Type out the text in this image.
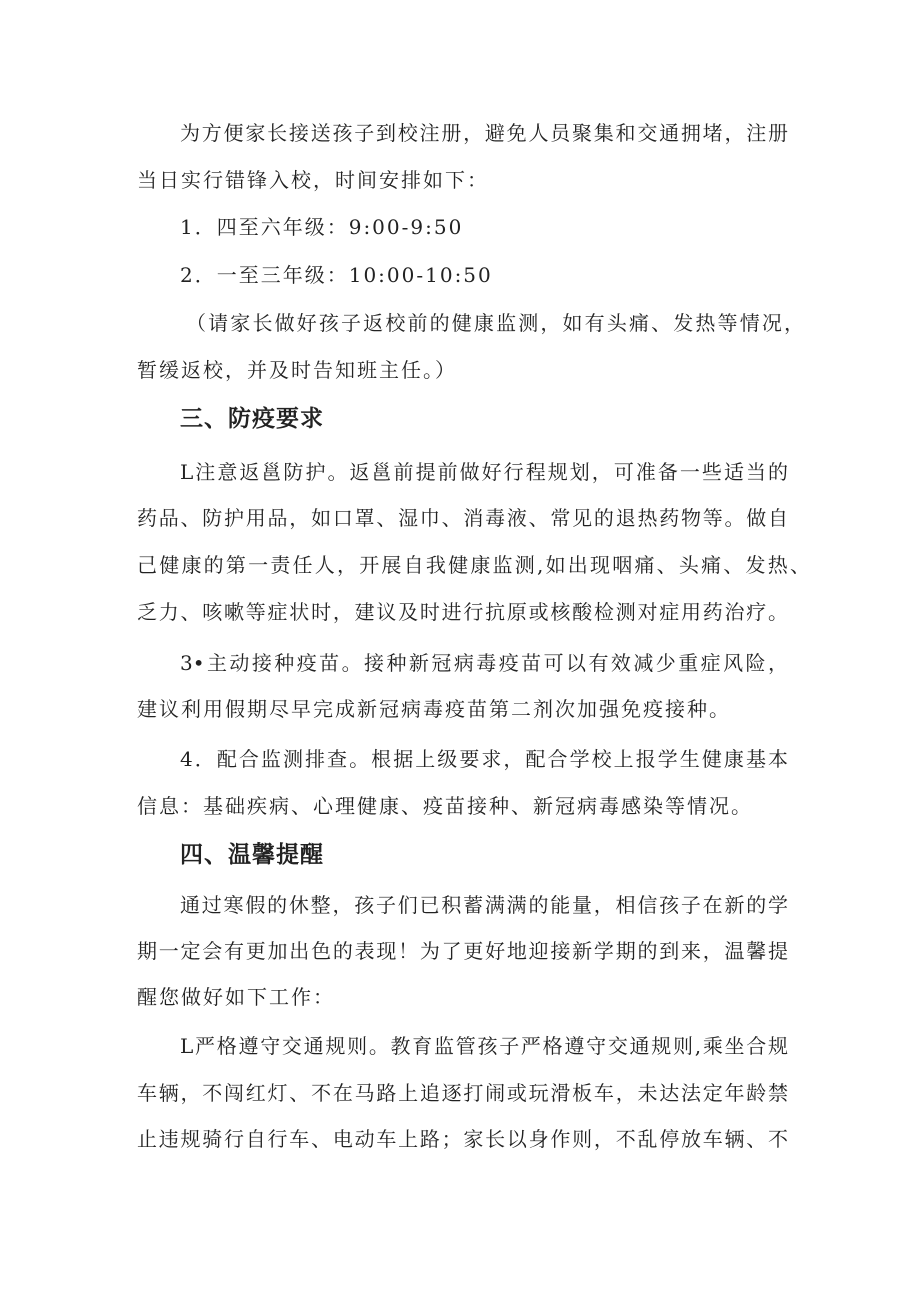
为方便家长接送孩子到校注册，避免人员聚集和交通拥堵，注册
当日实行错锋入校，时间安排如下：
1．四至六年级：9:00-9:50
2．一至三年级：10:00-10:50
（请家长做好孩子返校前的健康监测，如有头痛、发热等情况，
暂缓返校，并及时告知班主任。）
三、防疫要求
L注意返邕防护。返邕前提前做好行程规划，可准备一些适当的
药品、防护用品，如口罩、湿巾、消毒液、常见的退热药物等。做自
己健康的第一责任人，开展自我健康监测,如出现咽痛、头痛、发热、
乏力、咳嗽等症状时，建议及时进行抗原或核酸检测对症用药治疗。
3•主动接种疫苗。接种新冠病毒疫苗可以有效减少重症风险，
建议利用假期尽早完成新冠病毒疫苗第二剂次加强免疫接种。
4．配合监测排查。根据上级要求，配合学校上报学生健康基本
信息：基础疾病、心理健康、疫苗接种、新冠病毒感染等情况。
四、温馨提醒
通过寒假的休整，孩子们已积蓄满满的能量，相信孩子在新的学
期一定会有更加出色的表现！为了更好地迎接新学期的到来，温馨提
醒您做好如下工作：
L严格遵守交通规则。教育监管孩子严格遵守交通规则,乘坐合规
车辆，不闯红灯、不在马路上追逐打闹或玩滑板车，未达法定年龄禁
止违规骑行自行车、电动车上路；家长以身作则，不乱停放车辆、不
